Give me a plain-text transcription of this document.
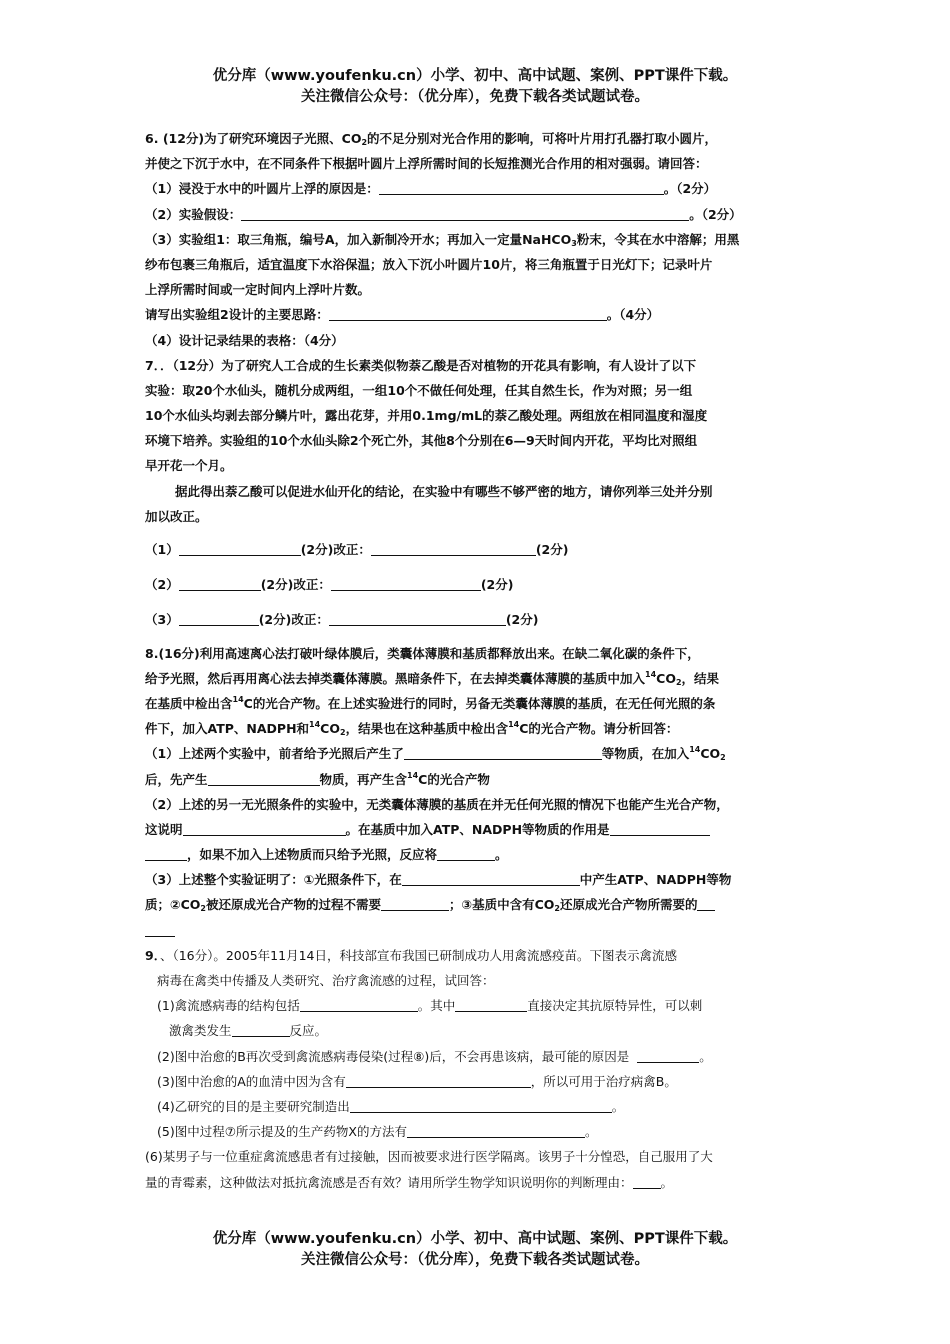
优分库（www.youfenku.cn）小学、初中、高中试题、案例、PPT课件下载。
关注微信公众号：（优分库），免费下载各类试题试卷。
6. (12分)为了研究环境因子光照、$CO_2$的不足分别对光合作用的影响，可将叶片用打孔器打取小圆片，
并使之下沉于水中，在不同条件下根据叶圆片上浮所需时间的长短推测光合作用的相对强弱。请回答：
（1）浸没于水中的叶圆片上浮的原因是：	。（2分）
（2）实验假设：	。（2分）
（3）实验组1：取三角瓶，编号A，加入新制冷开水；再加入一定量NaHCO$_3$粉末，令其在水中溶解；用黑
纱布包裹三角瓶后，适宜温度下水浴保温；放入下沉小叶圆片10片，将三角瓶置于日光灯下；记录叶片
上浮所需时间或一定时间内上浮叶片数。
请写出实验组2设计的主要思路：	。（4分）
（4）设计记录结果的表格：（4分）
7．．（12分）为了研究人工合成的生长素类似物萘乙酸是否对植物的开花具有影响，有人设计了以下
实验：取20个水仙头，随机分成两组，一组10个不做任何处理，任其自然生长，作为对照；另一组
10个水仙头均剥去部分鳞片叶，露出花芽，并用0.1mg/mL的萘乙酸处理。两组放在相同温度和湿度
环境下培养。实验组的10个水仙头除2个死亡外，其他8个分别在6—9天时间内开花，平均比对照组
早开花一个月。
据此得出萘乙酸可以促进水仙开化的结论，在实验中有哪些不够严密的地方，请你列举三处并分别
加以改正。
（1）	(2分)改正：	(2分)
（2）	(2分)改正：	(2分)
（3）	(2分)改正：	(2分)
8.(16分)利用高速离心法打破叶绿体膜后，类囊体薄膜和基质都释放出来。在缺二氧化碳的条件下，
给予光照，然后再用离心法去掉类囊体薄膜。黑暗条件下，在去掉类囊体薄膜的基质中加入$^{14}CO_2$，结果
在基质中检出含$^{14}$C的光合产物。在上述实验进行的同时，另备无类囊体薄膜的基质，在无任何光照的条
件下，加入ATP、NADPH和$^{14}CO_2$，结果也在这种基质中检出含$^{14}$C的光合产物。请分析回答：
（1）上述两个实验中，前者给予光照后产生了	等物质，在加入$^{14}CO_2$
后，先产生	物质，再产生含$^{14}$C的光合产物
（2）上述的另一无光照条件的实验中，无类囊体薄膜的基质在并无任何光照的情况下也能产生光合产物，
这说明	。在基质中加入ATP、NADPH等物质的作用是
，如果不加入上述物质而只给予光照，反应将	。
（3）上述整个实验证明了：①光照条件下，在	中产生ATP、NADPH等物
质；$②CO_2$被还原成光合产物的过程不需要	；③基质中含有$CO_2$还原成光合产物所需要的
9．、（16分）。2005年11月14日，科技部宣布我国已研制成功人用禽流感疫苗。下图表示禽流感
病毒在禽类中传播及人类研究、治疗禽流感的过程，试回答：
(1)禽流感病毒的结构包括	。其中	直接决定其抗原特异性，可以刺
激禽类发生	反应。
(2)图中治愈的B再次受到禽流感病毒侵染(过程⑧)后，不会再患该病，最可能的原因是	。
(3)图中治愈的A的血清中因为含有	，所以可用于治疗病禽B。
(4)乙研究的目的是主要研究制造出	。
(5)图中过程⑦所示提及的生产药物X的方法有	。
(6)某男子与一位重症禽流感患者有过接触，因而被要求进行医学隔离。该男子十分惶恐，自己服用了大
量的青霉素，这种做法对抵抗禽流感是否有效？请用所学生物学知识说明你的判断理由： 。
优分库（www.youfenku.cn）小学、初中、高中试题、案例、PPT课件下载。
关注微信公众号：（优分库），免费下载各类试题试卷。
